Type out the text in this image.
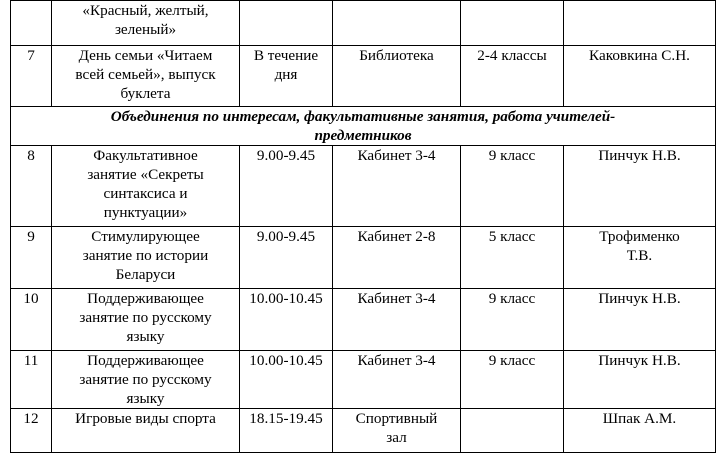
	«Красный, желтый,
зеленый»				

7	День семьи «Читаем
всей семьей», выпуск
буклета	В течение
дня	Библиотека	2-4 классы	Каковкина С.Н.

Объединения по интересам, факультативные занятия, работа учителей-
предметников					

8	Факультативное
занятие «Секреты
синтаксиса и
пунктуации»	9.00-9.45	Кабинет 3-4	9 класс	Пинчук Н.В.

9	Стимулирующее
занятие по истории
Беларуси	9.00-9.45	Кабинет 2-8	5 класс	Трофименко
Т.В.

10	Поддерживающее
занятие по русскому
языку	10.00-10.45	Кабинет 3-4	9 класс	Пинчук Н.В.

11	Поддерживающее
занятие по русскому
языку	10.00-10.45	Кабинет 3-4	9 класс	Пинчук Н.В.

12	Игровые виды спорта	18.15-19.45	Спортивный
зал		Шпак А.М.
